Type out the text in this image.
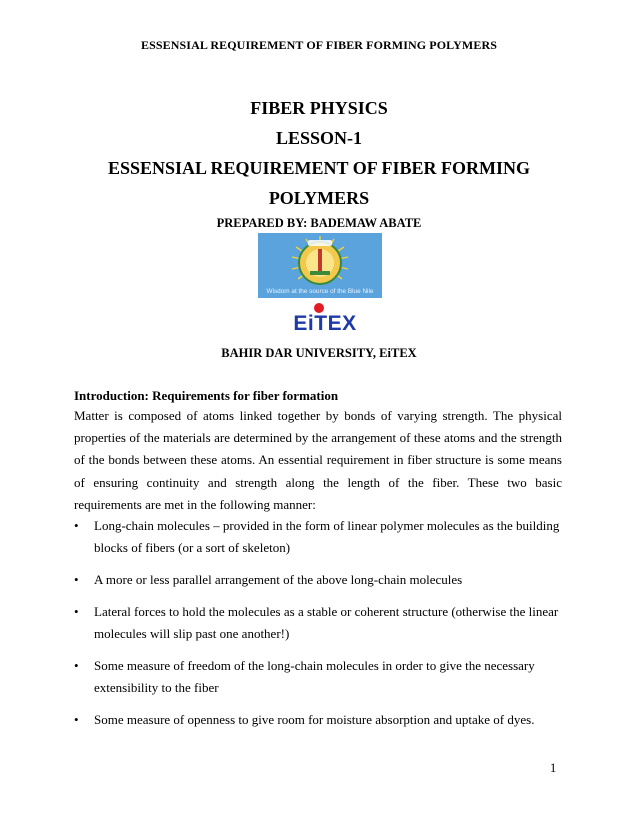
ESSENSIAL REQUIREMENT OF FIBER FORMING POLYMERS
FIBER PHYSICS
LESSON-1
ESSENSIAL REQUIREMENT OF FIBER FORMING
POLYMERS
PREPARED BY: BADEMAW ABATE
Wisdom at the source of the Blue Nile
EiTEX
BAHIR DAR UNIVERSITY, EiTEX
Introduction: Requirements for fiber formation
Matter is composed of atoms linked together by bonds of varying strength. The physical properties of the materials are determined by the arrangement of these atoms and the strength of the bonds between these atoms. An essential requirement in fiber structure is some means of ensuring continuity and strength along the length of the fiber. These two basic requirements are met in the following manner:
• Long-chain molecules – provided in the form of linear polymer molecules as the building blocks of fibers (or a sort of skeleton)
• A more or less parallel arrangement of the above long-chain molecules
• Lateral forces to hold the molecules as a stable or coherent structure (otherwise the linear molecules will slip past one another!)
• Some measure of freedom of the long-chain molecules in order to give the necessary extensibility to the fiber
• Some measure of openness to give room for moisture absorption and uptake of dyes.
1
